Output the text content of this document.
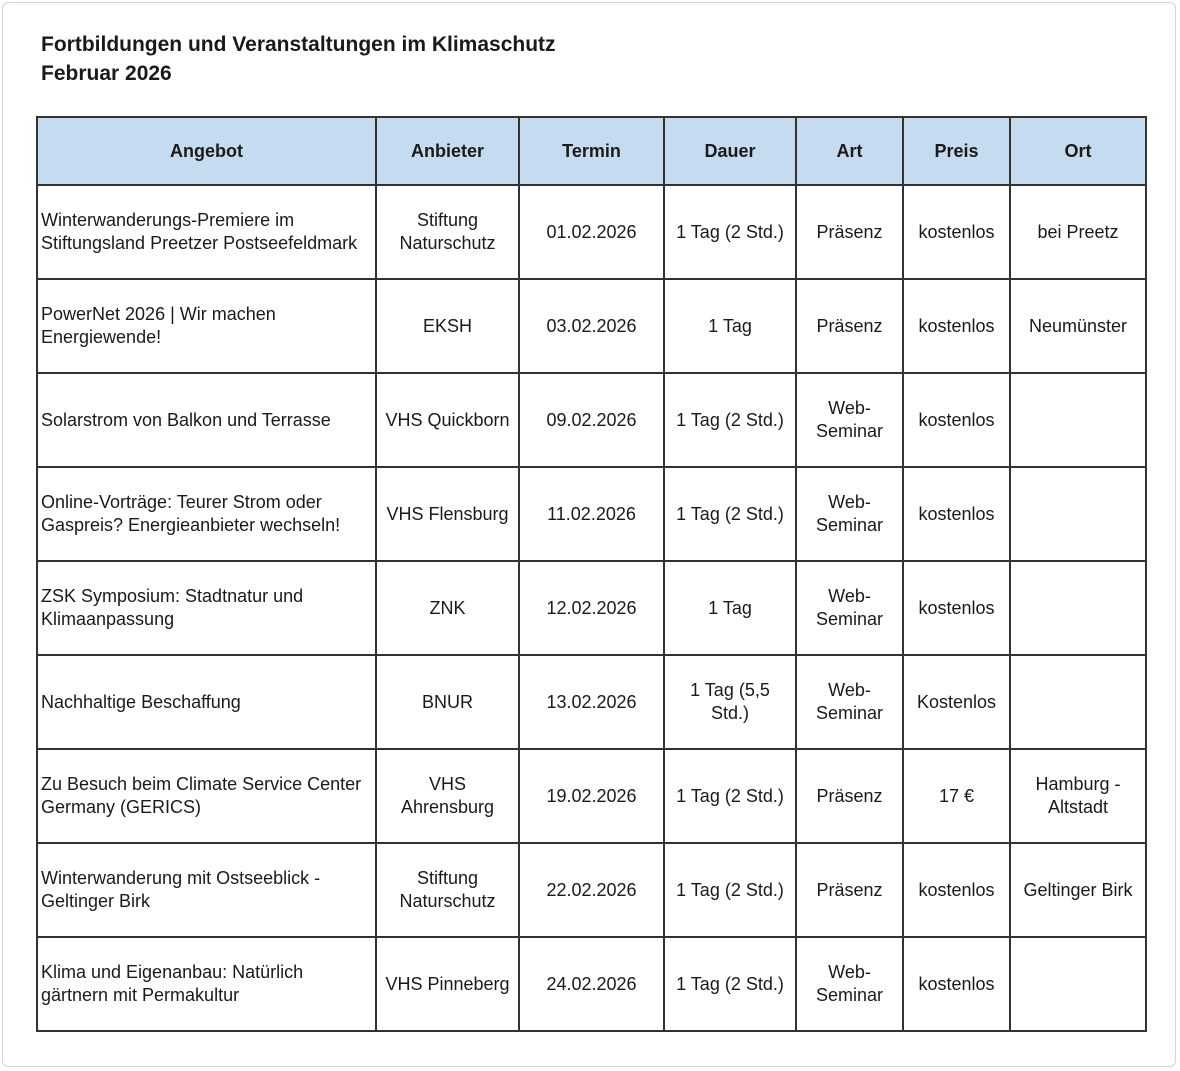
Fortbildungen und Veranstaltungen im Klimaschutz
Februar 2026
Angebot	Anbieter	Termin	Dauer	Art	Preis	Ort
Winterwanderungs-Premiere im Stiftungsland Preetzer Postseefeldmark	Stiftung Naturschutz	01.02.2026	1 Tag (2 Std.)	Präsenz	kostenlos	bei Preetz
PowerNet 2026 | Wir machen Energiewende!	EKSH	03.02.2026	1 Tag	Präsenz	kostenlos	Neumünster
Solarstrom von Balkon und Terrasse	VHS Quickborn	09.02.2026	1 Tag (2 Std.)	Web-Seminar	kostenlos	
Online-Vorträge: Teurer Strom oder Gaspreis? Energieanbieter wechseln!	VHS Flensburg	11.02.2026	1 Tag (2 Std.)	Web-Seminar	kostenlos	
ZSK Symposium: Stadtnatur und Klimaanpassung	ZNK	12.02.2026	1 Tag	Web-Seminar	kostenlos	
Nachhaltige Beschaffung	BNUR	13.02.2026	1 Tag (5,5 Std.)	Web-Seminar	Kostenlos	
Zu Besuch beim Climate Service Center Germany (GERICS)	VHS Ahrensburg	19.02.2026	1 Tag (2 Std.)	Präsenz	17 €	Hamburg - Altstadt
Winterwanderung mit Ostseeblick - Geltinger Birk	Stiftung Naturschutz	22.02.2026	1 Tag (2 Std.)	Präsenz	kostenlos	Geltinger Birk
Klima und Eigenanbau: Natürlich gärtnern mit Permakultur	VHS Pinneberg	24.02.2026	1 Tag (2 Std.)	Web-Seminar	kostenlos	
